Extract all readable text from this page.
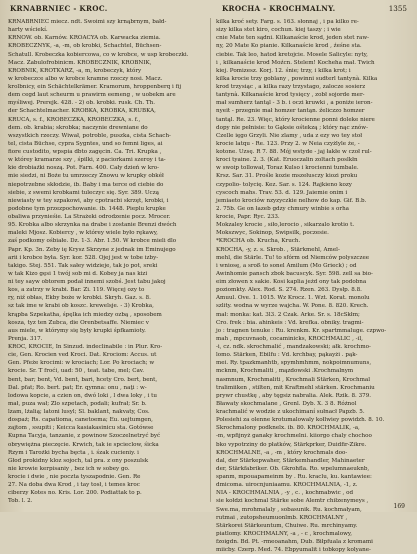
KRNABRNIEC - KROC.	KROCHA - KROCHMALNY.	1355
KRNABRNIEC miecz. ndt. Swoimi szy krnąbrnym, bałd-
harty wściekí.
KRNOW. ob. Karnów. KROACYA ob. Karwacka ziemia.
KROBECZNYK, -a, -m, ob krobki, Schachtel, Büchsen-
Schatull. Krobeczka kobiercowa, co w krobce, w usp krobeczki.
Macz. Zabulofrobinicm. KROBECZNIK, KROBNIK,
KROBNIK, KROTKARZ, -a, m, krobeczyk, który
w krobeczce albo w krobce kramne rzeczy nosi. Macz.
krolbnicy, ein Schächtelkrämer. Kramorum, hroppenberq i fij
dem cegd laut scheurm u prawirm eemeng , w uobekm are
myśliwej. Prerejk. 428. - 2) ob. krobki. rusk. Ch. Th.
der Schachtelmacher. KROBKA, KROBKA, KRUBKA,
KRUCA, s. f., KROBECZKA, KROBECZKA, s. f.,
dem. ob. krabia; skrobka; naczynie drewniane do
wszystkich rzeczy. Wiwał, potroble, puszka, cista Schach-
tel, cista Büchse, cypra Sygntes, und so femni liges, ai
fiore custodito, wpspia dbto zagęcin. Ca. Tri. Krupka ,
w którey kramarze szy , śpilki, z paciorkami szeroy i ta-
kie drobiażki noszą. Pot. Farn. 400. Cały dzień w kro-
mie siedzi, ni Boże tu umrzeczy Znowu w krupky obkéł
niepotrzebne skłodzie, ib. Baby i ma terce od ciebie do
siebie, z swemi krobkami tuleczyc się. Syr. 389. Uczą
niewiasty w tey szpakowi, aby cpotracbi skrzęt, krobki, i
podobne tym przezpochowanie. ib. 1448. Pieplu krupke
obaliwa przynieśie. La Strażeki odrodzenie pocz. Mrocer.
95. Krobka albo skrzynka na drabe i zostanie Brenzi dwóch
maleki Mjosz. Kobiercy , w którey wiele było rękawy,
zaś podkomy ośbiałe. Dz. 1-3. Abr. 1.50. W krobce mieli dlo
Papr. Kp. 3n. Zeby ię Krysz Skrzyne z jednak im Eminujego
arii i krobce była. Syr. kor. 528. Ojej jest w tobe izby-
takigo. Stej. 551. Tak sałey widzieje, tak jo pot, sreki
w tak Kizo gęsi 1 twój sob mi d. Kobey ja nas kizi
ni tey sayw obtorem podał innemi szobś. Jest tabu jakoj
kos, a zatrzy w krabi. Bar. Zi. 119. Więcej ozy to
ry, niź obłas, Ekby boże w krobki. Skryh. Gaz. s. 8.
sz tak ime w krabi ob koszc. krewelsje. - 3) Krobka,
krąpba Szpekatha, śpęlka ich miedzy ozbą , sposobem
kosza, tyz ten Zubca, die Orenbetsaffe. Niemiec v
aus miele, w którymy się były krupki śpfkamioty.
Prenja. 317.
KROC, KROCIE, In Sinzud. indeclinabile : in Plur. Kro-
cie, Gen. Krocien ved Kroci. Dat. Krociom: Accus. ut
Gen. Pfeże krocimi: w krociach; Lor. Po krociach; w
krocie. Sr. T froći, uad: 50 , teat. tabe, mel; Cav.
bent, bar; bent, Vd. bent, bari, hcety Cro. bert, bent,
Dal. pfat; Ro. bert. pat; Er. qymna: onu , naţi : w-
lodowa kopcie, a czien on, dwó loki , l dwa loky , i tu
mał, puza wał; Zlo szpetach, podali; kufrał; Sr. b.
lzam, lżalią; latoni lusyl; Sl. baklant, nakvaty, Cos.
dospaż; Rs. capatioma, canetoema; Eu. uejtumgen,
zajtom , ssupiti ; Keicca kasiakasinicu sta. Gotówse
Kupna Tacyja, tanzanie, z powinow Szoczelnetryć być
obrywiężna pieczęcie. Krwich, tak ie spcieclow, śicka
Rzym i Tarożki bycha bęcta , i. śzak cucieniy. i
Głod prokidny kloz sojoch, tal pra. z ony poszulsk
nie krowie kerpisaniy , bez ich w sobey go.
krocie i dwie , nie poczta tyszapodnie. Gen. Re
27. Na doba dwa Krod , i tay tosł, i temes kroc
ciberzy Kotes no. Kris. Lor. 200. Podiattak to p.
Tob. l. 2.
kilka kroć sety. Farg. s. 163. słonnaj , i pa kilko re-
sizy kilka stet kiro, cochun. kiej taszy ; i wie
cnie Mate ten sądni. Kilkanaście krod, jeden stet raw-
ny, 20 Mate Ko pianie. Kilkanaście krod , źeśne sta.
ciebie. Tak leo, hatod kretojcie. Mosele Salicyle: nyty,
i , kilkanaście krod Moźcn. Stelem! Kocheha mał. Twich
kiej. Pomizesz. Korj. 12. śnie; trzy, i kilka krot; i
kilka krocie trzy goblany , powinni sudterl tantynà. Kilka
krod trzysiąc , a kilka razy trzystago, zalocze sosierz
tantynà. Kilkanaście krod tysięcy , zobł sojorde mer-
mał sumherz tantąl - 3 b. i oczi kruwki , a poniże ieron-
nyeit - przegnie mał homzer tantąn. źeliczzo homzer
tantąl. Re. 23. Więc, który krocienne ponni doleke niere
dopy nie pełnisie: to Gąksie ośtekzą ; który nąc znów-
Czelle ięgo Grzyli. Nie zlamy , uda z ezy wo tey stoł
krocie latqu - Re. 123. Przy 2. w Neia czyżlyle że, -
kotone. Uzsę. R 7. 88. Mój wstyde - jaj łakłe w czoł rul-
kroci tyaine. 2. 3. (Kat. Eruoczalin zoltach poslkłn
w swoip tollował, Toraz Kulso i krocienni tumbale.
Krsz. Sar. 31. Prośle kozie mszełusczy kiozi proku
czypolio- tolycię. Kez. Sar. s. 124. Rajkieno kozy
cyscoch mahs. Trav. 53. d. 129. Jaiemie onim i
jemiaeto krociów nzyzyczkie nelhow do kap. Gif. B.b.
2. 75b. Ge on łazeb gdzy chmury winbie s orha
krocie, Papr. Ryc. 233.
Mokzaley krocie , siło,lerocio , sikarzalo krotio t.
Mokszwyc, Sokinop, Swipsilk, poczesie.
*KROCHA ob. Krucha, Kruch.
KROCHA, -y, z. s. Skrob. , Stärkmehl, Amel-
mehl, die Stärle. Tu! to sfórm od Niemców polyszczee
i wniosę, a sroß to sonel Amilum (Mo Grieck) ; od
Awinhomie pansch zbok bacuscyk. Syr. 598. zell sa bio-
eim złowen x sakie. Kosi kaplia jeżd ony tak podobna
poziomkty. Alex. Rod. S. 274. Rzen. 263. Dysłp. 8.8.
Amuul. Ove. 1. 1015. Wz Krocz. 1. Wzt. Korat. monolu
szlity. wodna w wyrze wajcha. W. Pone. 8. 820. Krech.
mał: monka: kat. 3l3. 2 Czak. Arke. Sr. s. 18cSkłm;
Cro. frek : bia. ahinkeis : Vd. krefka. obniky. tragmi-
jo : tragnen tenuke : Ru. krenkm. Kr. spartmmaluge. czpwo-
mah , mpcuvnaob, cocaminicks, KROCHMALIC , -il,
-i, cz. ndk. skrochmalić , mandzakowski; ałk. krochmo-
lomo. Stärken, Ebilfu : Vd. krchbay, pąkayżi . pąk-
mei. Ry. tpazkmanhtb, spymhmhmm, nokpoimnumuns,
mcknm, Krochmaliti , mązdowski .Krochmalnym
nasmnum, Krochmaliti , Krochmali Stärken, Krochmal
tralimiiken , stilten, mit Kraftmehl stärken. Krochmaniu
prywr chustkę , aby tęgsiz nabralia. Alek. Rzik. 8. 379.
Bławaty skochmalane , Grenl. Dyb. X. 3 8. Różnol
krachmalić w wodzie z ukochimaní sułnacł Papzb. 5.
Polesiehi za olenne krotumalowaly kołlwiey powidzh. 8. 10.
Skrochmalony podknelx. ib. 80. KROCHMALIK, -a,
-m, wpfijnyż ganaky krochmelni. kiiorgo chaly chochoo
bko vypotrziny do płatków, Stärkprker, Duidfir-Zikre.
KROCHMALNE, -a , -m , który krochmals doo-
dal, der Stärkepwaher, Stärkemhandler, Mahinaeter
der, Stärkfabriker. Ob. Gkrohfla. Ro. wpelumnaeuknb,
spanm, mpouapameinm by . Ru. kraclu, ku. kantawiee:
dmicoma. uirocnjuniaamu. KROCHMALNIA, -1, z.
NIA - KROCHMALNIA , -y , c. , kochmabwic , od
sie kołdzi kochmal Stärke sobe Alemtr chiłzenymeys ,
Swe.ma, mrohmalaly , sobasunik. Ru. kochmałyam,
rutmai , zutopsheumuonlmb. KROCHMALNY ,
Stärkorei Stärkeuntum, Chuiwe. Ru. mrchinyamy.
piatlomy. KROCHMALNY, -a , - c , krochmalowy,
fzoigdn. Bd. Pt. -rmeoanahm, Dub. Biłpfuala z kromami
miicby. Czerp. Med. 74. Ebpyumalit i tobkopy kolyane-
169
